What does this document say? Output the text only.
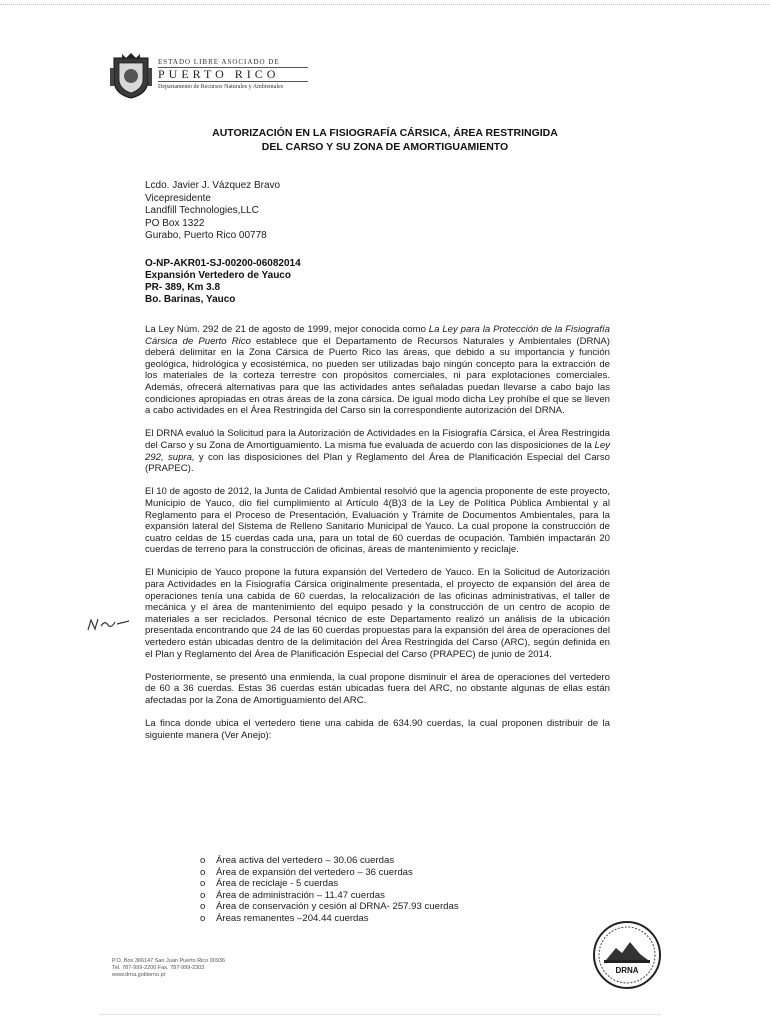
ESTADO LIBRE ASOCIADO DE
PUERTO RICO
Departamento de Recursos Naturales y Ambientales
AUTORIZACIÓN EN LA FISIOGRAFÍA CÁRSICA, ÁREA RESTRINGIDA
DEL CARSO Y SU ZONA DE AMORTIGUAMIENTO
Lcdo. Javier J. Vázquez Bravo
Vicepresidente
Landfill Technologies,LLC
PO Box 1322
Gurabo, Puerto Rico 00778
O-NP-AKR01-SJ-00200-06082014
Expansión Vertedero de Yauco
PR- 389, Km 3.8
Bo. Barinas, Yauco

La Ley Núm. 292 de 21 de agosto de 1999, mejor conocida como La Ley para la Protección de la Fisiografía Cársica de Puerto Rico establece que el Departamento de Recursos Naturales y Ambientales (DRNA) deberá delimitar en la Zona Cársica de Puerto Rico las áreas, que debido a su importancia y función geológica, hidrológica y ecosistémica, no pueden ser utilizadas bajo ningún concepto para la extracción de los materiales de la corteza terrestre con propósitos comerciales, ni para explotaciones comerciales. Además, ofrecerá alternativas para que las actividades antes señaladas puedan llevarse a cabo bajo las condiciones apropiadas en otras áreas de la zona cársica. De igual modo dicha Ley prohíbe el que se lleven a cabo actividades en el Área Restringida del Carso sin la correspondiente autorización del DRNA.

El DRNA evaluó la Solicitud para la Autorización de Actividades en la Fisiografía Cársica, el Área Restringida del Carso y su Zona de Amortiguamiento. La misma fue evaluada de acuerdo con las disposiciones de la Ley 292, supra, y con las disposiciones del Plan y Reglamento del Área de Planificación Especial del Carso (PRAPEC).

El 10 de agosto de 2012, la Junta de Calidad Ambiental resolvió que la agencia proponente de este proyecto, Municipio de Yauco, dio fiel cumplimiento al Artículo 4(B)3 de la Ley de Política Pública Ambiental y al Reglamento para el Proceso de Presentación, Evaluación y Trámite de Documentos Ambientales, para la expansión lateral del Sistema de Relleno Sanitario Municipal de Yauco. La cual propone la construcción de cuatro celdas de 15 cuerdas cada una, para un total de 60 cuerdas de ocupación. También impactarán 20 cuerdas de terreno para la construcción de oficinas, áreas de mantenimiento y reciclaje.

El Municipio de Yauco propone la futura expansión del Vertedero de Yauco. En la Solicitud de Autorización para Actividades en la Fisiografía Cársica originalmente presentada, el proyecto de expansión del área de operaciones tenía una cabida de 60 cuerdas, la relocalización de las oficinas administrativas, el taller de mecánica y el área de mantenimiento del equipo pesado y la construcción de un centro de acopio de materiales a ser reciclados. Personal técnico de este Departamento realizó un análisis de la ubicación presentada encontrando que 24 de las 60 cuerdas propuestas para la expansión del área de operaciones del vertedero están ubicadas dentro de la delimitación del Área Restringida del Carso (ARC), según definida en el Plan y Reglamento del Área de Planificación Especial del Carso (PRAPEC) de junio de 2014.

Posteriormente, se presentó una enmienda, la cual propone disminuir el área de operaciones del vertedero de 60 a 36 cuerdas. Estas 36 cuerdas están ubicadas fuera del ARC, no obstante algunas de ellas están afectadas por la Zona de Amortiguamiento del ARC.

La finca donde ubica el vertedero tiene una cabida de 634.90 cuerdas, la cual proponen distribuir de la siguiente manera (Ver Anejo):

o Área activa del vertedero – 30.06 cuerdas
o Área de expansión del vertedero – 36 cuerdas
o Área de reciclaje - 5 cuerdas
o Área de administración – 11.47 cuerdas
o Área de conservación y cesión al DRNA- 257.93 cuerdas
o Áreas remanentes –204.44 cuerdas
P.O. Box 366147 San Juan Puerto Rico 00936
Tel. 787-999-2200 Fax. 787-999-2303
www.drna.gobierno.pr	DRNA
